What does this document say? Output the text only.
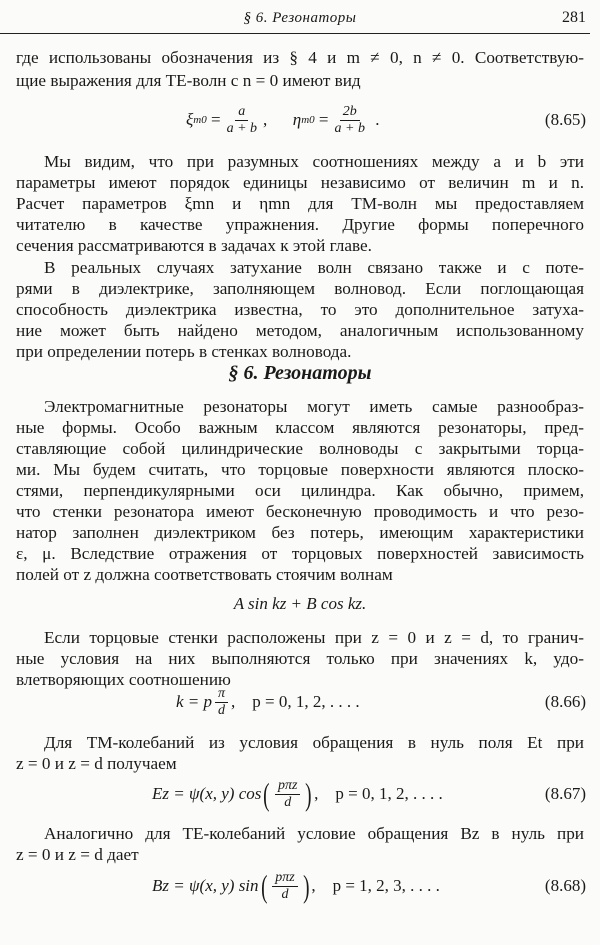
§ 6. Резонаторы	281
где использованы обозначения из § 4 и m ≠ 0, n ≠ 0. Соответствую-
щие выражения для TE-волн с n = 0 имеют вид
ξ $m0 = \frac{a}{a + b}$ , η $m0 = \frac{2b}{a + b}$ .	(8.65)
Мы видим, что при разумных соотношениях между a и b эти
параметры имеют порядок единицы независимо от величин m и n.
Расчет параметров ξmn и ηmn для TM-волн мы предоставляем
читателю в качестве упражнения. Другие формы поперечного
сечения рассматриваются в задачах к этой главе.
В реальных случаях затухание волн связано также и с поте-
рями в диэлектрике, заполняющем волновод. Если поглощающая
способность диэлектрика известна, то это дополнительное затуха-
ние может быть найдено методом, аналогичным использованному
при определении потерь в стенках волновода.
§ 6. Резонаторы
Электромагнитные резонаторы могут иметь самые разнообраз-
ные формы. Особо важным классом являются резонаторы, пред-
ставляющие собой цилиндрические волноводы с закрытыми торца-
ми. Мы будем считать, что торцовые поверхности являются плоско-
стями, перпендикулярными оси цилиндра. Как обычно, примем,
что стенки резонатора имеют бесконечную проводимость и что резо-
натор заполнен диэлектриком без потерь, имеющим характеристики
ε, μ. Вследствие отражения от торцовых поверхностей зависимость
полей от z должна соответствовать стоячим волнам
A sin kz + B cos kz.
Если торцовые стенки расположены при z = 0 и z = d, то гранич-
ные условия на них выполняются только при значениях k, удо-
влетворяющих соотношению
k = p $\frac{\pi}{d}$ ,    p = 0, 1, 2, . . . .	(8.66)
Для TM-колебаний из условия обращения в нуль поля Et при
z = 0 и z = d получаем
Ez = ψ(x, y) cos ( $\frac{\text{pπz}}{d}$ ) ,    p = 0, 1, 2, . . . .	(8.67)
Аналогично для TE-колебаний условие обращения Bz в нуль при
z = 0 и z = d дает
Bz = ψ(x, y) sin ( $\frac{\text{pπz}}{d}$ ) ,    p = 1, 2, 3, . . . .	(8.68)
